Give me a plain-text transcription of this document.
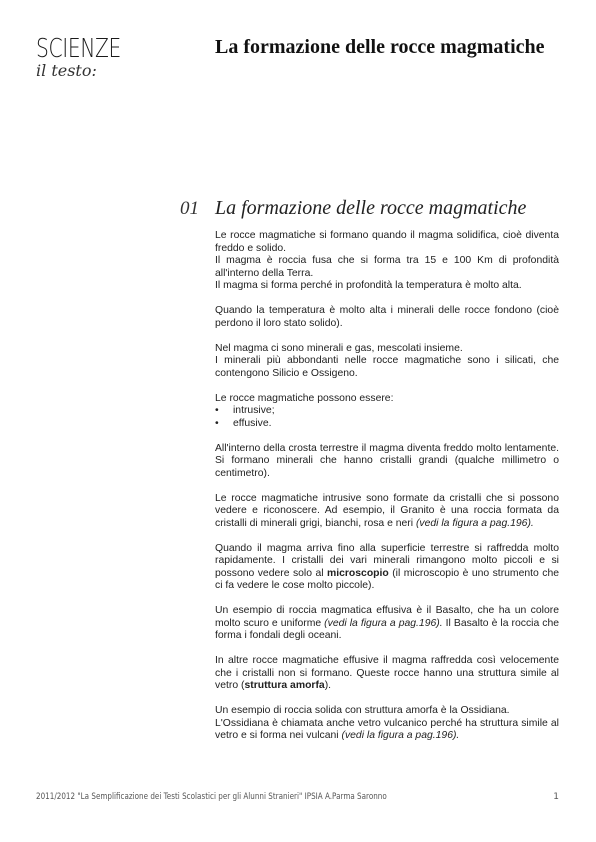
SCIENZE
il testo:
La formazione delle rocce magmatiche
01 La formazione delle rocce magmatiche

Le rocce magmatiche si formano quando il magma solidifica, cioè diventa freddo e solido.
Il magma è roccia fusa che si forma tra 15 e 100 Km di profondità all'interno della Terra.
Il magma si forma perché in profondità la temperatura è molto alta.

Quando la temperatura è molto alta i minerali delle rocce fondono (cioè perdono il loro stato solido).

Nel magma ci sono minerali e gas, mescolati insieme.
I minerali più abbondanti nelle rocce magmatiche sono i silicati, che contengono Silicio e Ossigeno.

Le rocce magmatiche possono essere:
•	intrusive;
•	effusive.

All'interno della crosta terrestre il magma diventa freddo molto lentamente. Si formano minerali che hanno cristalli grandi (qualche millimetro o centimetro).

Le rocce magmatiche intrusive sono formate da cristalli che si possono vedere e riconoscere. Ad esempio, il Granito è una roccia formata da cristalli di minerali grigi, bianchi, rosa e neri (vedi la figura a pag.196).

Quando il magma arriva fino alla superficie terrestre si raffredda molto rapidamente. I cristalli dei vari minerali rimangono molto piccoli e si possono vedere solo al microscopio (il microscopio è uno strumento che ci fa vedere le cose molto piccole).

Un esempio di roccia magmatica effusiva è il Basalto, che ha un colore molto scuro e uniforme (vedi la figura a pag.196). Il Basalto è la roccia che forma i fondali degli oceani.

In altre rocce magmatiche effusive il magma raffredda così velocemente che i cristalli non si formano. Queste rocce hanno una struttura simile al vetro (struttura amorfa).

Un esempio di roccia solida con struttura amorfa è la Ossidiana.
L'Ossidiana è chiamata anche vetro vulcanico perché ha struttura simile al vetro e si forma nei vulcani (vedi la figura a pag.196).

2011/2012 "La Semplificazione dei Testi Scolastici per gli Alunni Stranieri" IPSIA A.Parma Saronno	1
